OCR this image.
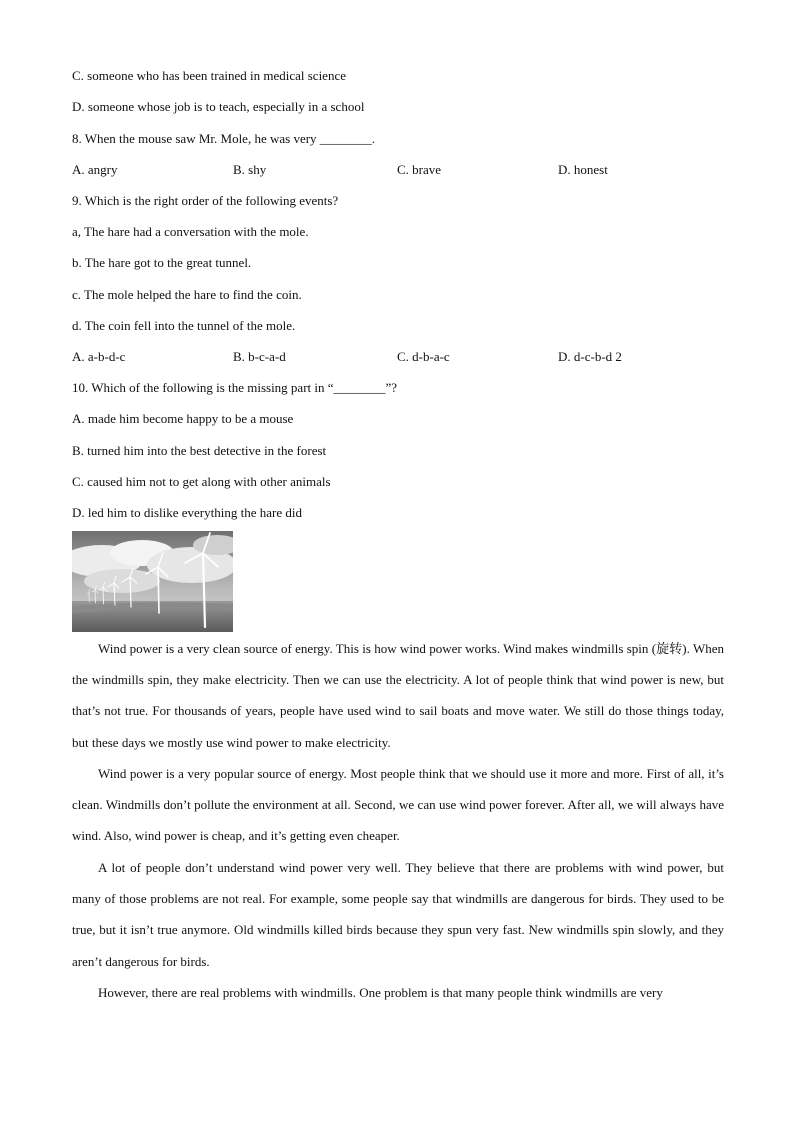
C. someone who has been trained in medical science
D. someone whose job is to teach, especially in a school
8. When the mouse saw Mr. Mole, he was very ________.
A. angry	B. shy	C. brave	D. honest
9. Which is the right order of the following events?
a, The hare had a conversation with the mole.
b. The hare got to the great tunnel.
c. The mole helped the hare to find the coin.
d. The coin fell into the tunnel of the mole.
A. a-b-d-c	B. b-c-a-d	C. d-b-a-c	D. d-c-b-d 2
10. Which of the following is the missing part in “________”?
A. made him become happy to be a mouse
B. turned him into the best detective in the forest
C. caused him not to get along with other animals
D. led him to dislike everything the hare did
Wind power is a very clean source of energy. This is how wind power works. Wind makes windmills spin (旋转). When the windmills spin, they make electricity. Then we can use the electricity. A lot of people think that wind power is new, but that’s not true. For thousands of years, people have used wind to sail boats and move water. We still do those things today, but these days we mostly use wind power to make electricity.
Wind power is a very popular source of energy. Most people think that we should use it more and more. First of all, it’s clean. Windmills don’t pollute the environment at all. Second, we can use wind power forever. After all, we will always have wind. Also, wind power is cheap, and it’s getting even cheaper.
A lot of people don’t understand wind power very well. They believe that there are problems with wind power, but many of those problems are not real. For example, some people say that windmills are dangerous for birds. They used to be true, but it isn’t true anymore. Old windmills killed birds because they spun very fast. New windmills spin slowly, and they aren’t dangerous for birds.
However, there are real problems with windmills. One problem is that many people think windmills are very
